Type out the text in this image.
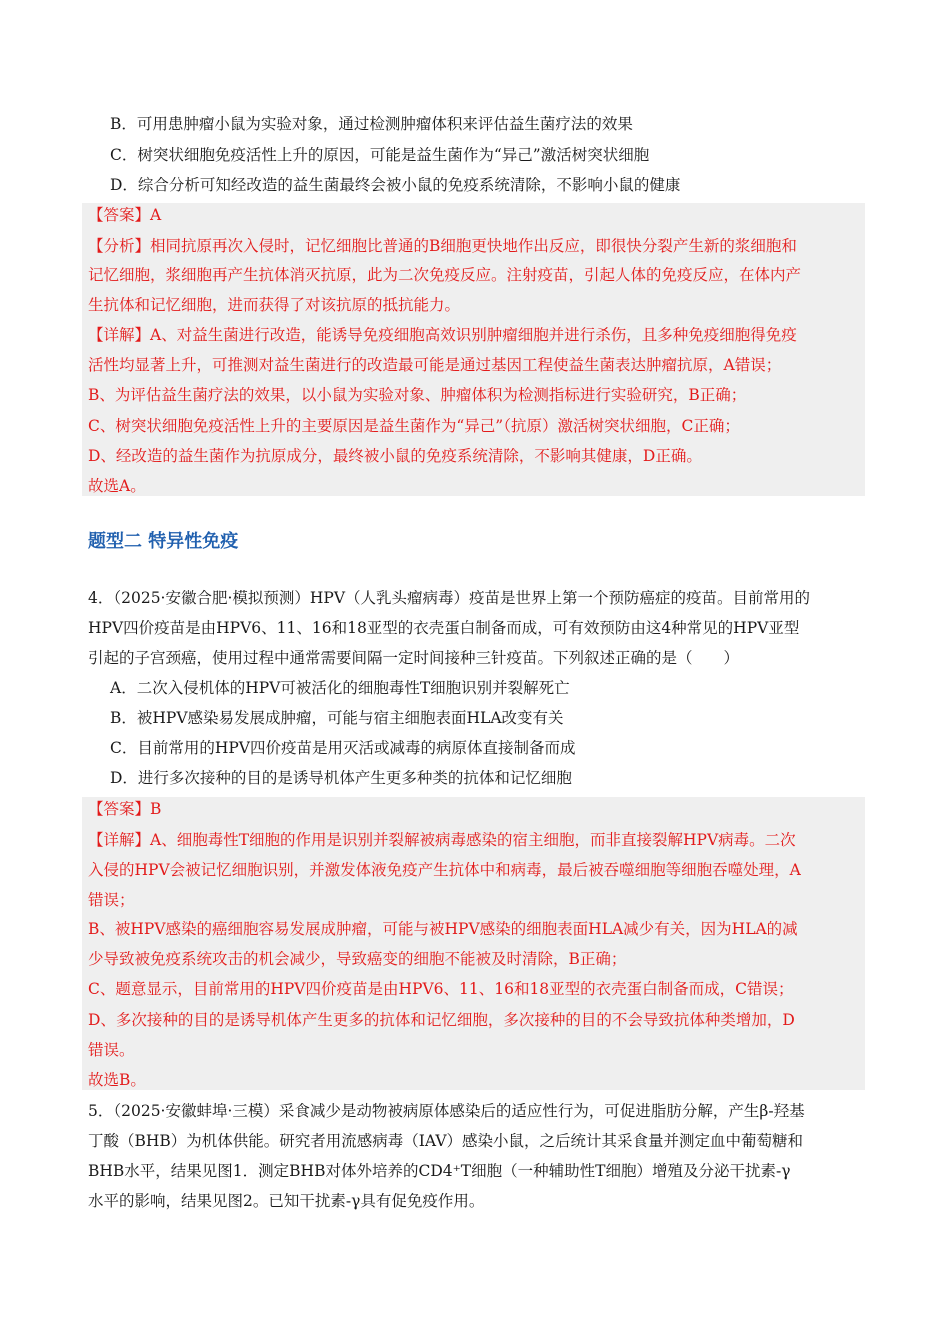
B．可用患肿瘤小鼠为实验对象，通过检测肿瘤体积来评估益生菌疗法的效果
C．树突状细胞免疫活性上升的原因，可能是益生菌作为“异己”激活树突状细胞
D．综合分析可知经改造的益生菌最终会被小鼠的免疫系统清除，不影响小鼠的健康
【答案】A
【分析】相同抗原再次入侵时，记忆细胞比普通的B细胞更快地作出反应，即很快分裂产生新的浆细胞和
记忆细胞，浆细胞再产生抗体消灭抗原，此为二次免疫反应。注射疫苗，引起人体的免疫反应，在体内产
生抗体和记忆细胞，进而获得了对该抗原的抵抗能力。
【详解】A、对益生菌进行改造，能诱导免疫细胞高效识别肿瘤细胞并进行杀伤，且多种免疫细胞得免疫
活性均显著上升，可推测对益生菌进行的改造最可能是通过基因工程使益生菌表达肿瘤抗原，A错误；
B、为评估益生菌疗法的效果，以小鼠为实验对象、肿瘤体积为检测指标进行实验研究，B正确；
C、树突状细胞免疫活性上升的主要原因是益生菌作为“异己”（抗原）激活树突状细胞，C正确；
D、经改造的益生菌作为抗原成分，最终被小鼠的免疫系统清除，不影响其健康，D正确。
故选A。
题型二 特异性免疫
4．（2025·安徽合肥·模拟预测）HPV（人乳头瘤病毒）疫苗是世界上第一个预防癌症的疫苗。目前常用的
HPV四价疫苗是由HPV6、11、16和18亚型的衣壳蛋白制备而成，可有效预防由这4种常见的HPV亚型
引起的子宫颈癌，使用过程中通常需要间隔一定时间接种三针疫苗。下列叙述正确的是（　　）
A．二次入侵机体的HPV可被活化的细胞毒性T细胞识别并裂解死亡
B．被HPV感染易发展成肿瘤，可能与宿主细胞表面HLA改变有关
C．目前常用的HPV四价疫苗是用灭活或减毒的病原体直接制备而成
D．进行多次接种的目的是诱导机体产生更多种类的抗体和记忆细胞
【答案】B
【详解】A、细胞毒性T细胞的作用是识别并裂解被病毒感染的宿主细胞，而非直接裂解HPV病毒。二次
入侵的HPV会被记忆细胞识别，并激发体液免疫产生抗体中和病毒，最后被吞噬细胞等细胞吞噬处理，A
错误；
B、被HPV感染的癌细胞容易发展成肿瘤，可能与被HPV感染的细胞表面HLA减少有关，因为HLA的减
少导致被免疫系统攻击的机会减少，导致癌变的细胞不能被及时清除，B正确；
C、题意显示，目前常用的HPV四价疫苗是由HPV6、11、16和18亚型的衣壳蛋白制备而成，C错误；
D、多次接种的目的是诱导机体产生更多的抗体和记忆细胞，多次接种的目的不会导致抗体种类增加，D
错误。
故选B。
5．（2025·安徽蚌埠·三模）采食减少是动物被病原体感染后的适应性行为，可促进脂肪分解，产生β-羟基
丁酸（BHB）为机体供能。研究者用流感病毒（IAV）感染小鼠，之后统计其采食量并测定血中葡萄糖和
BHB水平，结果见图1．测定BHB对体外培养的CD4⁺T细胞（一种辅助性T细胞）增殖及分泌干扰素-γ
水平的影响，结果见图2。已知干扰素-γ具有促免疫作用。
